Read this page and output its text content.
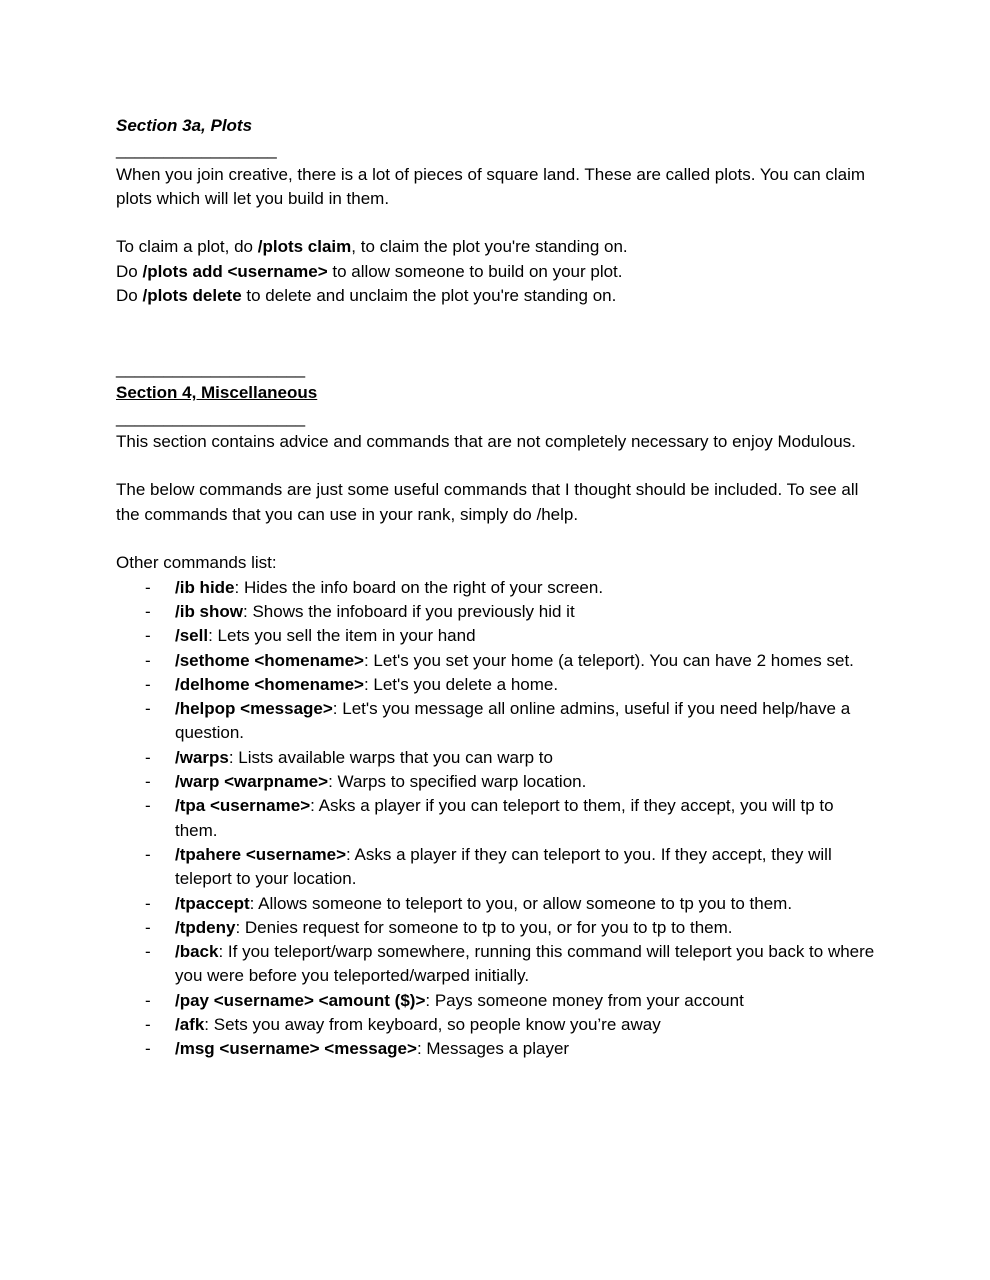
Section 3a, Plots

_________________

When you join creative, there is a lot of pieces of square land. These are called plots. You can claim plots which will let you build in them.

To claim a plot, do /plots claim, to claim the plot you're standing on.

Do /plots add <username> to allow someone to build on your plot.

Do /plots delete to delete and unclaim the plot you're standing on.

____________________

Section 4, Miscellaneous

____________________

This section contains advice and commands that are not completely necessary to enjoy Modulous.

The below commands are just some useful commands that I thought should be included. To see all the commands that you can use in your rank, simply do /help.

Other commands list:

- /ib hide: Hides the info board on the right of your screen.
- /ib show: Shows the infoboard if you previously hid it
- /sell: Lets you sell the item in your hand
- /sethome <homename>: Let's you set your home (a teleport). You can have 2 homes set.
- /delhome <homename>: Let's you delete a home.
- /helpop <message>: Let's you message all online admins, useful if you need help/have a question.
- /warps: Lists available warps that you can warp to
- /warp <warpname>: Warps to specified warp location.
- /tpa <username>: Asks a player if you can teleport to them, if they accept, you will tp to them.
- /tpahere <username>: Asks a player if they can teleport to you. If they accept, they will teleport to your location.
- /tpaccept: Allows someone to teleport to you, or allow someone to tp you to them.
- /tpdeny: Denies request for someone to tp to you, or for you to tp to them.
- /back: If you teleport/warp somewhere, running this command will teleport you back to where you were before you teleported/warped initially.
- /pay <username> <amount ($)>: Pays someone money from your account
- /afk: Sets you away from keyboard, so people know you’re away
- /msg <username> <message>: Messages a player
